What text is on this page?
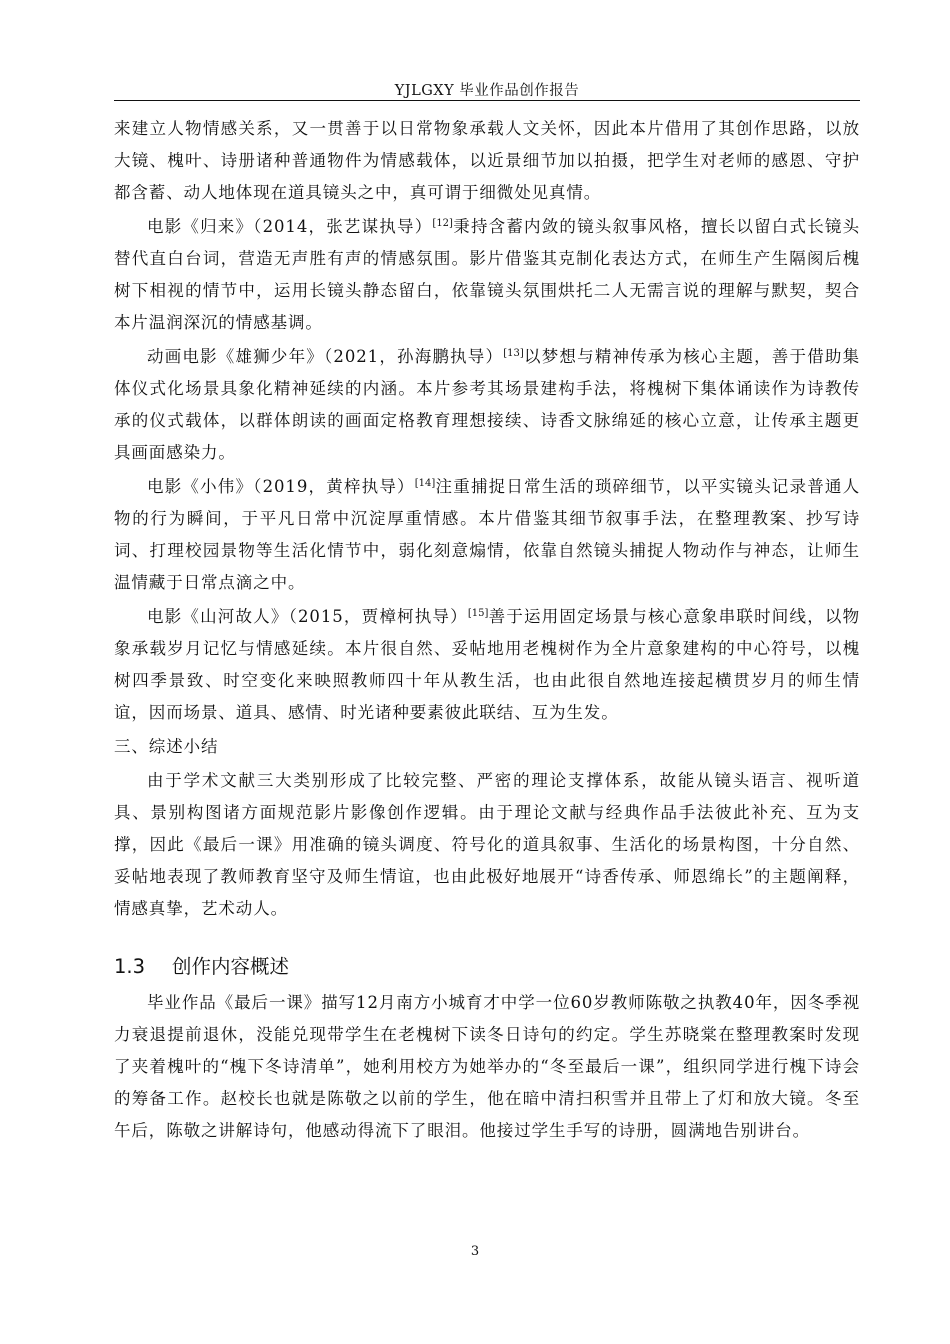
YJLGXY 毕业作品创作报告

来建立人物情感关系，又一贯善于以日常物象承载人文关怀，因此本片借用了其创作思路，以放大镜、槐叶、诗册诸种普通物件为情感载体，以近景细节加以拍摄，把学生对老师的感恩、守护都含蓄、动人地体现在道具镜头之中，真可谓于细微处见真情。

电影《归来》（2014，张艺谋执导）[12]秉持含蓄内敛的镜头叙事风格，擅长以留白式长镜头替代直白台词，营造无声胜有声的情感氛围。影片借鉴其克制化表达方式，在师生产生隔阂后槐树下相视的情节中，运用长镜头静态留白，依靠镜头氛围烘托二人无需言说的理解与默契，契合本片温润深沉的情感基调。

动画电影《雄狮少年》（2021，孙海鹏执导）[13]以梦想与精神传承为核心主题，善于借助集体仪式化场景具象化精神延续的内涵。本片参考其场景建构手法，将槐树下集体诵读作为诗教传承的仪式载体，以群体朗读的画面定格教育理想接续、诗香文脉绵延的核心立意，让传承主题更具画面感染力。

电影《小伟》（2019，黄梓执导）[14]注重捕捉日常生活的琐碎细节，以平实镜头记录普通人物的行为瞬间，于平凡日常中沉淀厚重情感。本片借鉴其细节叙事手法，在整理教案、抄写诗词、打理校园景物等生活化情节中，弱化刻意煽情，依靠自然镜头捕捉人物动作与神态，让师生温情藏于日常点滴之中。

电影《山河故人》（2015，贾樟柯执导）[15]善于运用固定场景与核心意象串联时间线，以物象承载岁月记忆与情感延续。本片很自然、妥帖地用老槐树作为全片意象建构的中心符号，以槐树四季景致、时空变化来映照教师四十年从教生活，也由此很自然地连接起横贯岁月的师生情谊，因而场景、道具、感情、时光诸种要素彼此联结、互为生发。

三、综述小结

由于学术文献三大类别形成了比较完整、严密的理论支撑体系，故能从镜头语言、视听道具、景别构图诸方面规范影片影像创作逻辑。由于理论文献与经典作品手法彼此补充、互为支撑，因此《最后一课》用准确的镜头调度、符号化的道具叙事、生活化的场景构图，十分自然、妥帖地表现了教师教育坚守及师生情谊，也由此极好地展开“诗香传承、师恩绵长”的主题阐释，情感真挚，艺术动人。

1.3 创作内容概述

毕业作品《最后一课》描写12月南方小城育才中学一位60岁教师陈敬之执教40年，因冬季视力衰退提前退休，没能兑现带学生在老槐树下读冬日诗句的约定。学生苏晓棠在整理教案时发现了夹着槐叶的“槐下冬诗清单”，她利用校方为她举办的“冬至最后一课”，组织同学进行槐下诗会的筹备工作。赵校长也就是陈敬之以前的学生，他在暗中清扫积雪并且带上了灯和放大镜。冬至午后，陈敬之讲解诗句，他感动得流下了眼泪。他接过学生手写的诗册，圆满地告别讲台。

3
